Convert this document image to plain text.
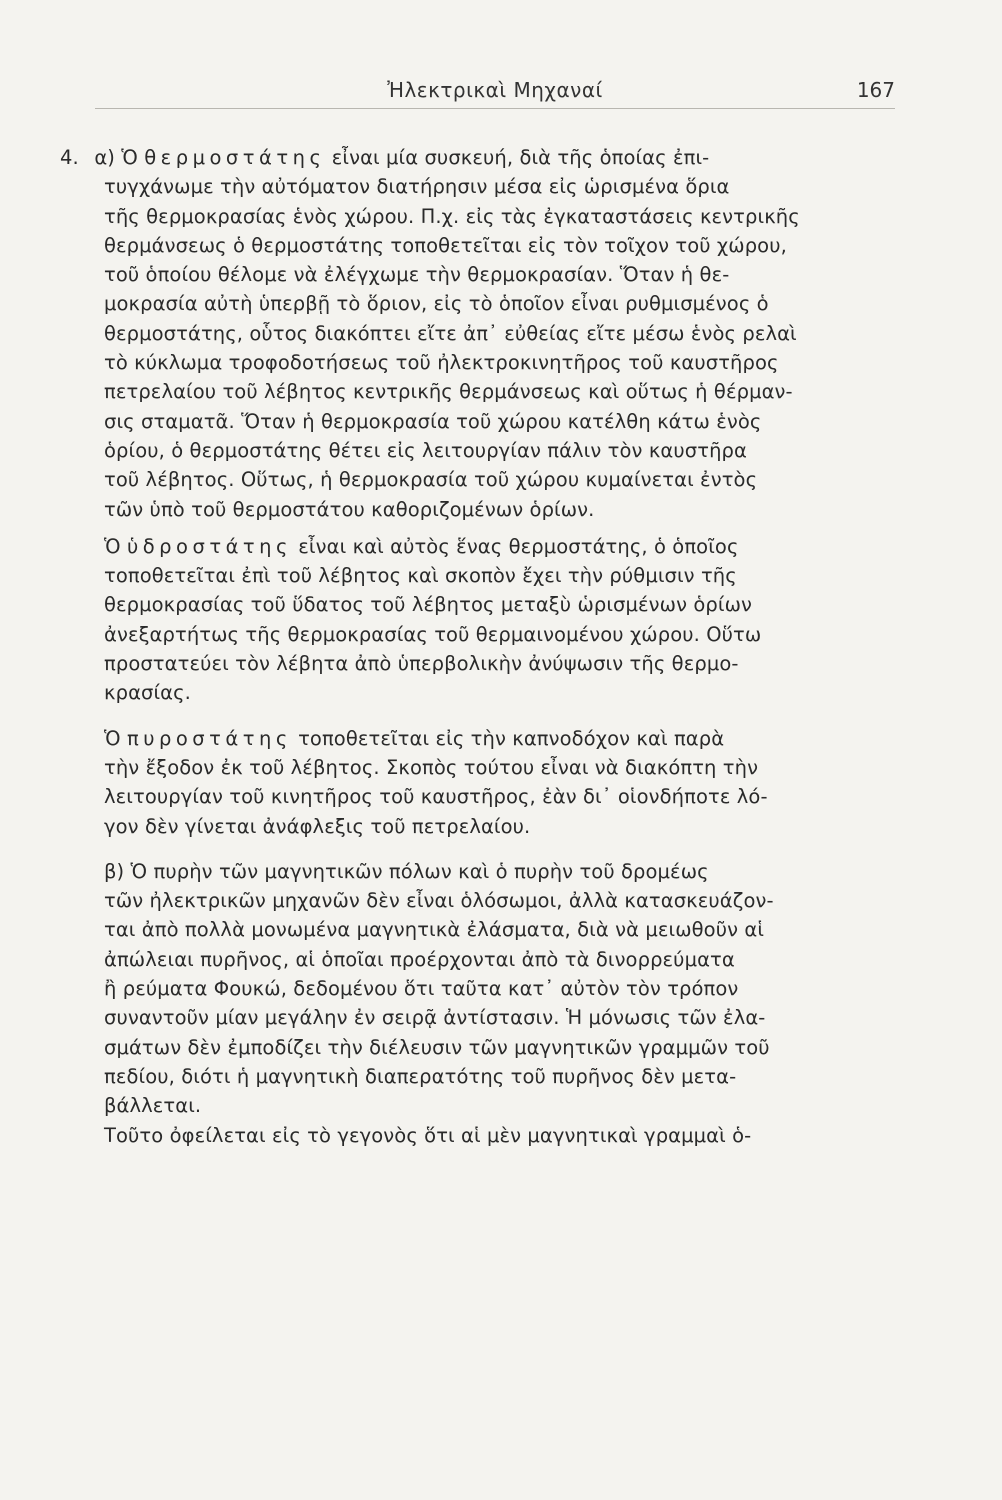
Ἠλεκτρικαὶ Μηχαναί	167
4. α) Ὁ θερμοστάτης εἶναι μία συσκευή, διὰ τῆς ὁποίας ἐπι-
τυγχάνωμε τὴν αὐτόματον διατήρησιν μέσα εἰς ὡρισμένα ὅρια
τῆς θερμοκρασίας ἑνὸς χώρου. Π.χ. εἰς τὰς ἐγκαταστάσεις κεντρικῆς
θερμάνσεως ὁ θερμοστάτης τοποθετεῖται εἰς τὸν τοῖχον τοῦ χώρου,
τοῦ ὁποίου θέλομε νὰ ἐλέγχωμε τὴν θερμοκρασίαν. Ὅταν ἡ θε-
μοκρασία αὐτὴ ὑπερβῇ τὸ ὅριον, εἰς τὸ ὁποῖον εἶναι ρυθμισμένος ὁ
θερμοστάτης, οὗτος διακόπτει εἴτε ἀπ᾽ εὐθείας εἴτε μέσω ἑνὸς ρελαὶ
τὸ κύκλωμα τροφοδοτήσεως τοῦ ἠλεκτροκινητῆρος τοῦ καυστῆρος
πετρελαίου τοῦ λέβητος κεντρικῆς θερμάνσεως καὶ οὕτως ἡ θέρμαν-
σις σταματᾶ. Ὅταν ἡ θερμοκρασία τοῦ χώρου κατέλθη κάτω ἑνὸς
ὁρίου, ὁ θερμοστάτης θέτει εἰς λειτουργίαν πάλιν τὸν καυστῆρα
τοῦ λέβητος. Οὕτως, ἡ θερμοκρασία τοῦ χώρου κυμαίνεται ἐντὸς
τῶν ὑπὸ τοῦ θερμοστάτου καθοριζομένων ὁρίων.
Ὁ ὑδροστάτης εἶναι καὶ αὐτὸς ἕνας θερμοστάτης, ὁ ὁποῖος
τοποθετεῖται ἐπὶ τοῦ λέβητος καὶ σκοπὸν ἔχει τὴν ρύθμισιν τῆς
θερμοκρασίας τοῦ ὕδατος τοῦ λέβητος μεταξὺ ὡρισμένων ὁρίων
ἀνεξαρτήτως τῆς θερμοκρασίας τοῦ θερμαινομένου χώρου. Οὕτω
προστατεύει τὸν λέβητα ἀπὸ ὑπερβολικὴν ἀνύψωσιν τῆς θερμο-
κρασίας.
Ὁ πυροστάτης τοποθετεῖται εἰς τὴν καπνοδόχον καὶ παρὰ
τὴν ἔξοδον ἐκ τοῦ λέβητος. Σκοπὸς τούτου εἶναι νὰ διακόπτη τὴν
λειτουργίαν τοῦ κινητῆρος τοῦ καυστῆρος, ἐὰν δι᾽ οἱονδήποτε λό-
γον δὲν γίνεται ἀνάφλεξις τοῦ πετρελαίου.
β) Ὁ πυρὴν τῶν μαγνητικῶν πόλων καὶ ὁ πυρὴν τοῦ δρομέως
τῶν ἠλεκτρικῶν μηχανῶν δὲν εἶναι ὁλόσωμοι, ἀλλὰ κατασκευάζον-
ται ἀπὸ πολλὰ μονωμένα μαγνητικὰ ἐλάσματα, διὰ νὰ μειωθοῦν αἱ
ἀπώλειαι πυρῆνος, αἱ ὁποῖαι προέρχονται ἀπὸ τὰ δινορρεύματα
ἢ ρεύματα Φουκώ, δεδομένου ὅτι ταῦτα κατ᾽ αὐτὸν τὸν τρόπον
συναντοῦν μίαν μεγάλην ἐν σειρᾷ ἀντίστασιν. Ἡ μόνωσις τῶν ἐλα-
σμάτων δὲν ἐμποδίζει τὴν διέλευσιν τῶν μαγνητικῶν γραμμῶν τοῦ
πεδίου, διότι ἡ μαγνητικὴ διαπερατότης τοῦ πυρῆνος δὲν μετα-
βάλλεται.
Τοῦτο ὀφείλεται εἰς τὸ γεγονὸς ὅτι αἱ μὲν μαγνητικαὶ γραμμαὶ ὁ-
